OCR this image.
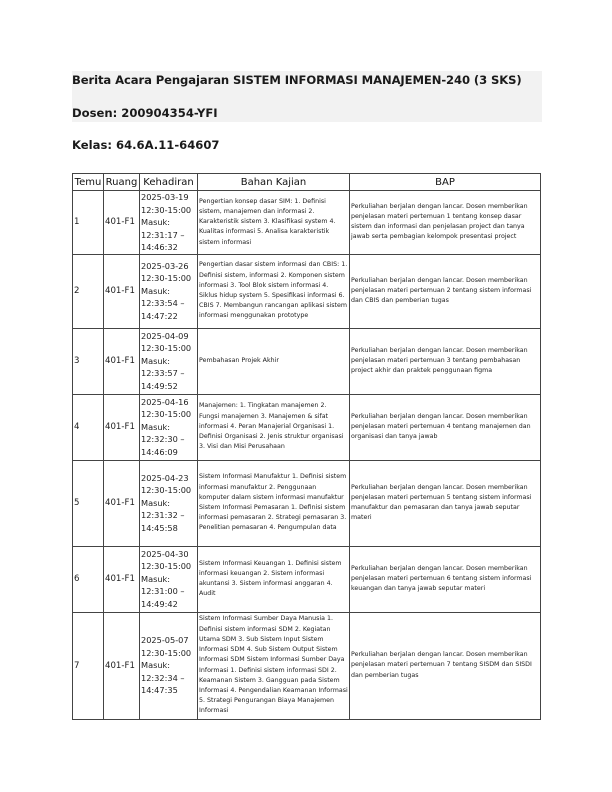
Berita Acara Pengajaran SISTEM INFORMASI MANAJEMEN-240 (3 SKS)
Dosen: 200904354-YFI
Kelas: 64.6A.11-64607
Temu	Ruang	Kehadiran	Bahan Kajian	BAP
1	401-F1	2025-03-19 12:30-15:00 Masuk: 12:31:17 –14:46:32	Pengertian konsep dasar SIM: 1. Definisi sistem, manajemen dan informasi 2. Karakteristik sistem 3. Klasifikasi system 4. Kualitas informasi 5. Analisa karakteristik sistem informasi	Perkuliahan berjalan dengan lancar. Dosen memberikan penjelasan materi pertemuan 1 tentang konsep dasar sistem dan informasi dan penjelasan project dan tanya jawab serta pembagian kelompok presentasi project
2	401-F1	2025-03-26 12:30-15:00 Masuk: 12:33:54 – 14:47:22	Pengertian dasar sistem informasi dan CBIS: 1. Definisi sistem, informasi 2. Komponen sistem informasi 3. Tool Blok sistem informasi 4. Siklus hidup system 5. Spesifikasi informasi 6. CBIS 7. Membangun rancangan aplikasi sistem informasi menggunakan prototype	Perkuliahan berjalan dengan lancar. Dosen memberikan penjelasan materi pertemuan 2 tentang sistem informasi dan CBIS dan pemberian tugas
3	401-F1	2025-04-09 12:30-15:00 Masuk: 12:33:57 – 14:49:52	Pembahasan Projek Akhir	Perkuliahan berjalan dengan lancar. Dosen memberikan penjelasan materi pertemuan 3 tentang pembahasan project akhir dan praktek penggunaan figma
4	401-F1	2025-04-16 12:30-15:00 Masuk: 12:32:30 – 14:46:09	Manajemen: 1. Tingkatan manajemen 2. Fungsi manajemen 3. Manajemen & sifat informasi 4. Peran Manajerial Organisasi 1. Definisi Organisasi 2. Jenis struktur organisasi 3. Visi dan Misi Perusahaan	Perkuliahan berjalan dengan lancar. Dosen memberikan penjelasan materi pertemuan 4 tentang manajemen dan organisasi dan tanya jawab
5	401-F1	2025-04-23 12:30-15:00 Masuk: 12:31:32 –14:45:58	Sistem Informasi Manufaktur 1. Definisi sistem informasi manufaktur 2. Penggunaan komputer dalam sistem informasi manufaktur Sistem Informasi Pemasaran 1. Definisi sistem informasi pemasaran 2. Strategi pemasaran 3. Penelitian pemasaran 4. Pengumpulan data	Perkuliahan berjalan dengan lancar. Dosen memberikan penjelasan materi pertemuan 5 tentang sistem informasi manufaktur dan pemasaran dan tanya jawab seputar materi
6	401-F1	2025-04-30 12:30-15:00 Masuk: 12:31:00 – 14:49:42	Sistem Informasi Keuangan 1. Definisi sistem informasi keuangan 2. Sistem informasi akuntansi 3. Sistem informasi anggaran 4. Audit	Perkuliahan berjalan dengan lancar. Dosen memberikan penjelasan materi pertemuan 6 tentang sistem informasi keuangan dan tanya jawab seputar materi
7	401-F1	2025-05-07 12:30-15:00 Masuk: 12:32:34 – 14:47:35	Sistem Informasi Sumber Daya Manusia 1. Definisi sistem informasi SDM 2. Kegiatan Utama SDM 3. Sub Sistem Input Sistem Informasi SDM 4. Sub Sistem Output Sistem Informasi SDM Sistem Informasi Sumber Daya Informasi 1. Definisi sistem informasi SDI 2. Keamanan Sistem 3. Gangguan pada Sistem Informasi 4. Pengendalian Keamanan Informasi 5. Strategi Pengurangan Biaya Manajemen Informasi	Perkuliahan berjalan dengan lancar. Dosen memberikan penjelasan materi pertemuan 7 tentang SISDM dan SISDI dan pemberian tugas
